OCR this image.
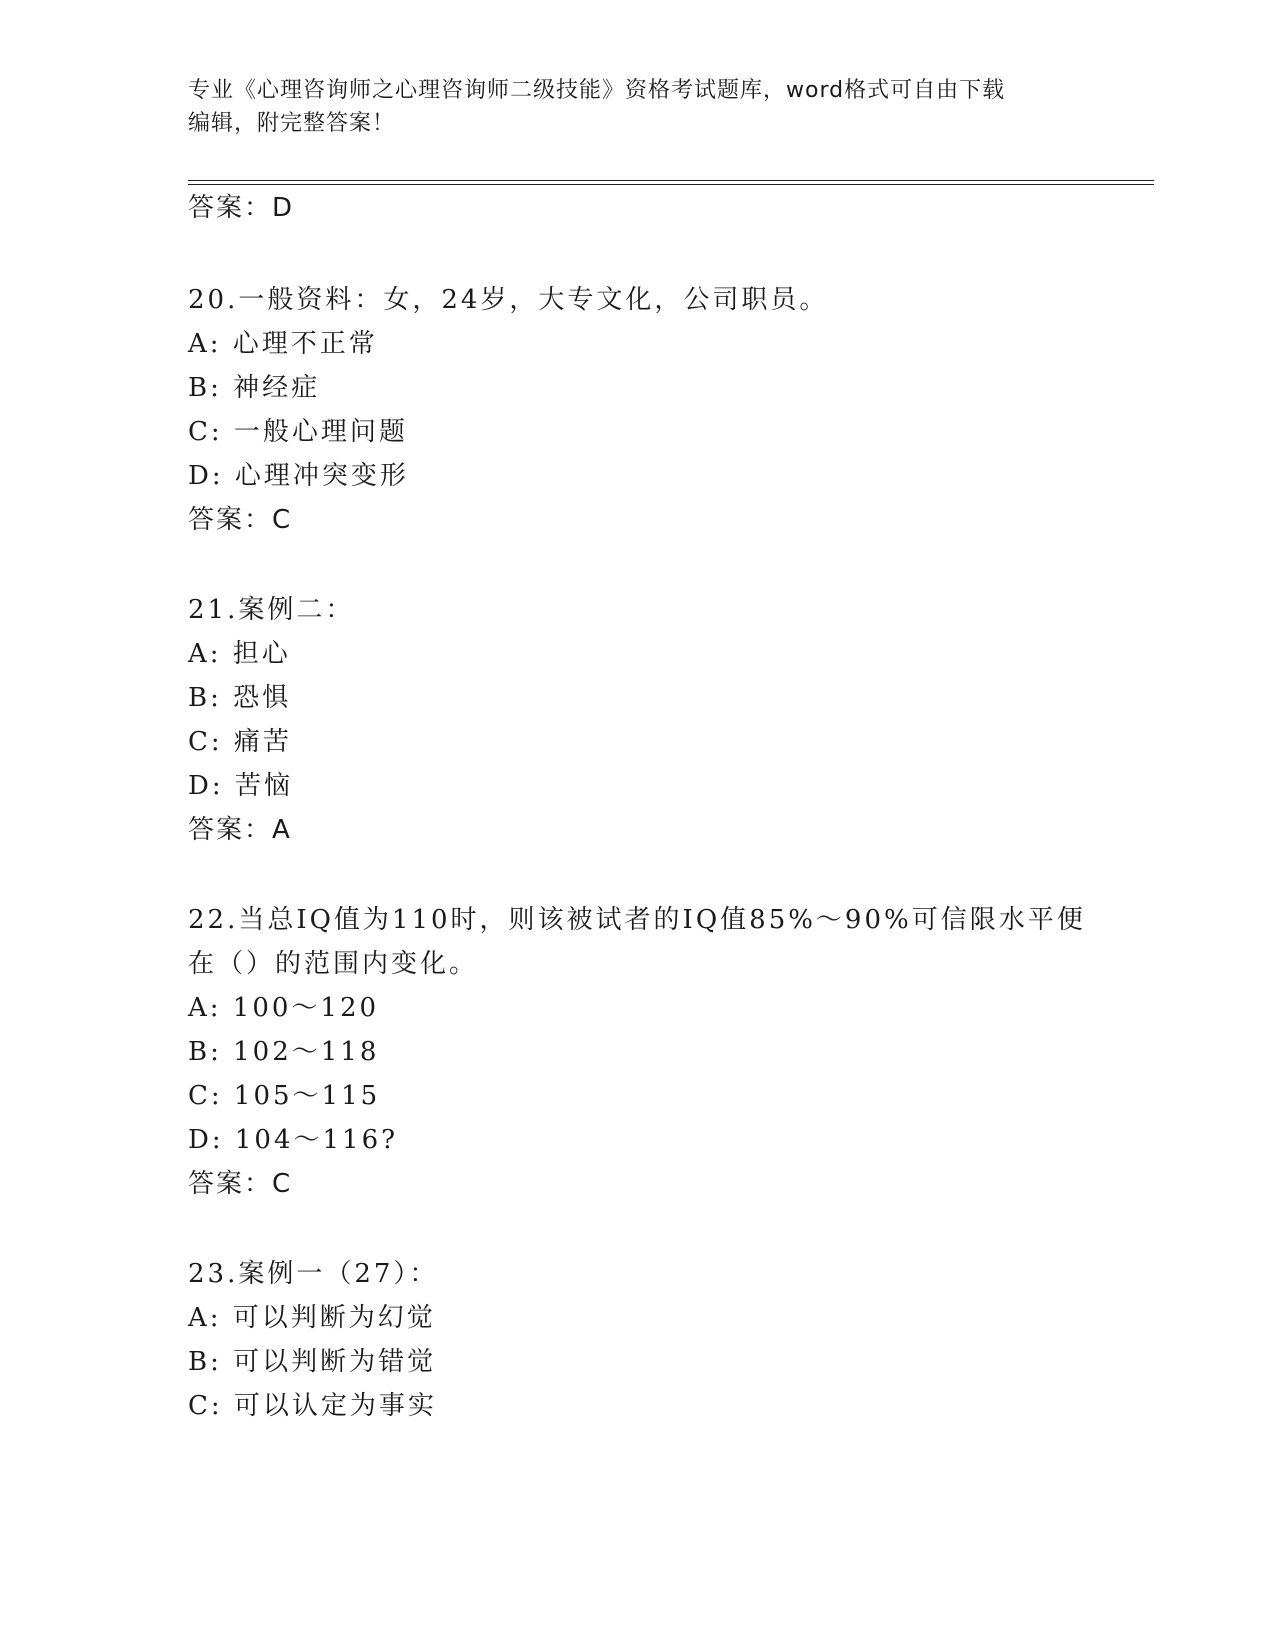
专业《心理咨询师之心理咨询师二级技能》资格考试题库，word格式可自由下载
编辑，附完整答案！
答案：D
20.一般资料：女，24岁，大专文化，公司职员。
A: 心理不正常
B: 神经症
C: 一般心理问题
D: 心理冲突变形
答案：C
21.案例二：
A: 担心
B: 恐惧
C: 痛苦
D: 苦恼
答案：A
22.当总IQ值为110时，则该被试者的IQ值85%～90%可信限水平便
在（）的范围内变化。
A: 100～120
B: 102～118
C: 105～115
D: 104～116?
答案：C
23.案例一（27）：
A: 可以判断为幻觉
B: 可以判断为错觉
C: 可以认定为事实
